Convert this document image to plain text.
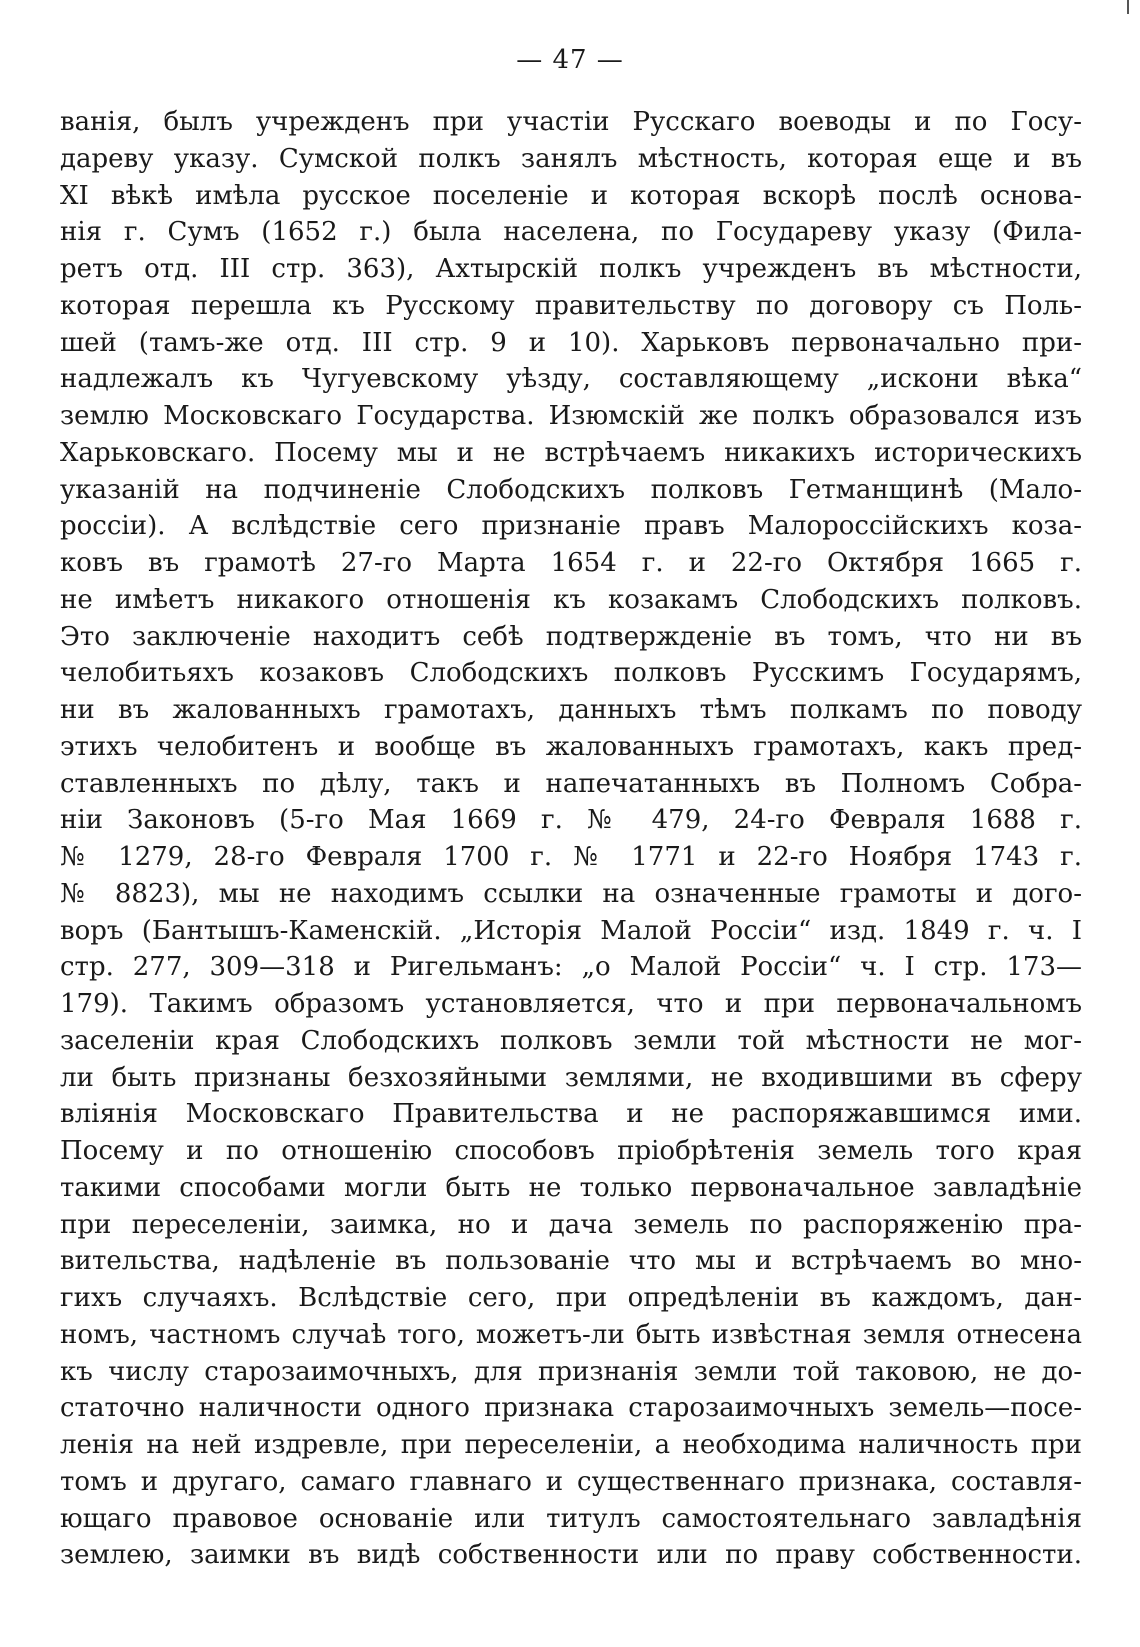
— 47 —
ванія, былъ учрежденъ при участіи Русскаго воеводы и по Госу-
дареву указу. Сумской полкъ занялъ мѣстность, которая еще и въ
XI вѣкѣ имѣла русское поселеніе и которая вскорѣ послѣ основа-
нія г. Сумъ (1652 г.) была населена, по Государеву указу (Фила-
ретъ отд. III стр. 363), Ахтырскій полкъ учрежденъ въ мѣстности,
которая перешла къ Русскому правительству по договору съ Поль-
шей (тамъ-же отд. III стр. 9 и 10). Харьковъ первоначально при-
надлежалъ къ Чугуевскому уѣзду, составляющему „искони вѣка“
землю Московскаго Государства. Изюмскій же полкъ образовался изъ
Харьковскаго. Посему мы и не встрѣчаемъ никакихъ историческихъ
указаній на подчиненіе Слободскихъ полковъ Гетманщинѣ (Мало-
россіи). А вслѣдствіе сего признаніе правъ Малороссійскихъ коза-
ковъ въ грамотѣ 27-го Марта 1654 г. и 22-го Октября 1665 г.
не имѣетъ никакого отношенія къ козакамъ Слободскихъ полковъ.
Это заключеніе находитъ себѣ подтвержденіе въ томъ, что ни въ
челобитьяхъ козаковъ Слободскихъ полковъ Русскимъ Государямъ,
ни въ жалованныхъ грамотахъ, данныхъ тѣмъ полкамъ по поводу
этихъ челобитенъ и вообще въ жалованныхъ грамотахъ, какъ пред-
ставленныхъ по дѣлу, такъ и напечатанныхъ въ Полномъ Собра-
ніи Законовъ (5-го Мая 1669 г. № 479, 24-го Февраля 1688 г.
№ 1279, 28-го Февраля 1700 г. № 1771 и 22-го Ноября 1743 г.
№ 8823), мы не находимъ ссылки на означенные грамоты и дого-
воръ (Бантышъ-Каменскій. „Исторія Малой Россіи“ изд. 1849 г. ч. I
стр. 277, 309—318 и Ригельманъ: „о Малой Россіи“ ч. I стр. 173—
179). Такимъ образомъ установляется, что и при первоначальномъ
заселеніи края Слободскихъ полковъ земли той мѣстности не мог-
ли быть признаны безхозяйными землями, не входившими въ сферу
вліянія Московскаго Правительства и не распоряжавшимся ими.
Посему и по отношенію способовъ пріобрѣтенія земель того края
такими способами могли быть не только первоначальное завладѣніе
при переселеніи, заимка, но и дача земель по распоряженію пра-
вительства, надѣленіе въ пользованіе что мы и встрѣчаемъ во мно-
гихъ случаяхъ. Вслѣдствіе сего, при опредѣленіи въ каждомъ, дан-
номъ, частномъ случаѣ того, можетъ-ли быть извѣстная земля отнесена
къ числу старозаимочныхъ, для признанія земли той таковою, не до-
статочно наличности одного признака старозаимочныхъ земель—посе-
ленія на ней издревле, при переселеніи, а необходима наличность при
томъ и другаго, самаго главнаго и существеннаго признака, составля-
ющаго правовое основаніе или титулъ самостоятельнаго завладѣнія
землею, заимки въ видѣ собственности или по праву собственности.
